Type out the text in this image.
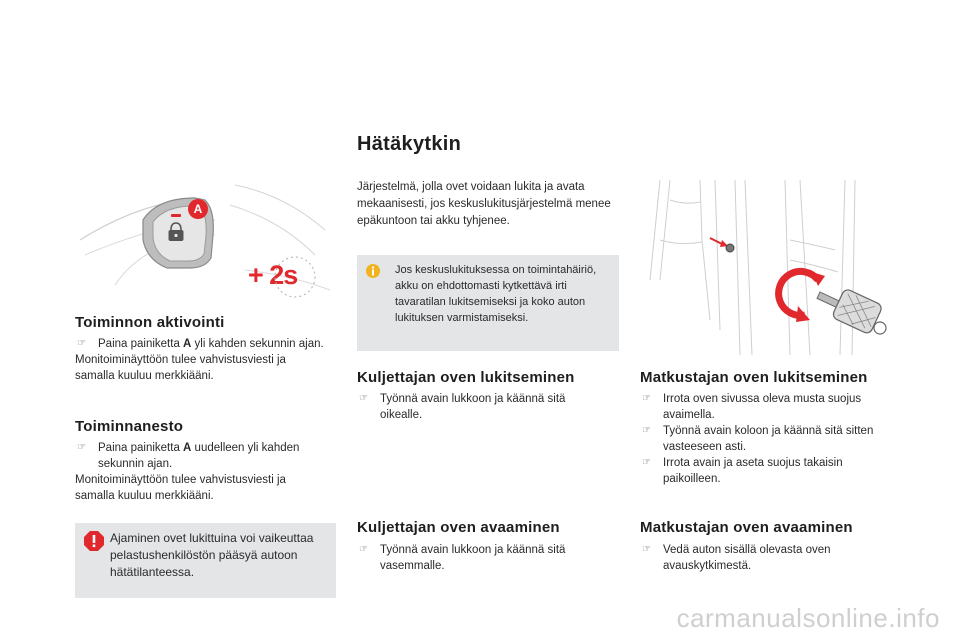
A
+ 2s
Toiminnon aktivointi
☞ Paina painiketta A yli kahden sekunnin ajan.
Monitoiminäyttöön tulee vahvistusviesti ja samalla kuuluu merkkiääni.
Toiminnanesto
☞ Paina painiketta A uudelleen yli kahden sekunnin ajan.
Monitoiminäyttöön tulee vahvistusviesti ja samalla kuuluu merkkiääni.
Ajaminen ovet lukittuina voi vaikeuttaa pelastushenkilöstön pääsyä autoon hätätilanteessa.
Hätäkytkin
Järjestelmä, jolla ovet voidaan lukita ja avata mekaanisesti, jos keskuslukitusjärjestelmä menee epäkuntoon tai akku tyhjenee.
Jos keskuslukituksessa on toimintahäiriö, akku on ehdottomasti kytkettävä irti tavaratilan lukitsemiseksi ja koko auton lukituksen varmistamiseksi.
Kuljettajan oven lukitseminen
☞ Työnnä avain lukkoon ja käännä sitä oikealle.
Kuljettajan oven avaaminen
☞ Työnnä avain lukkoon ja käännä sitä vasemmalle.
Matkustajan oven lukitseminen
☞ Irrota oven sivussa oleva musta suojus avaimella.
☞ Työnnä avain koloon ja käännä sitä sitten vasteeseen asti.
☞ Irrota avain ja aseta suojus takaisin paikoilleen.
Matkustajan oven avaaminen
☞ Vedä auton sisällä olevasta oven avauskytkimestä.
carmanualsonline.info
